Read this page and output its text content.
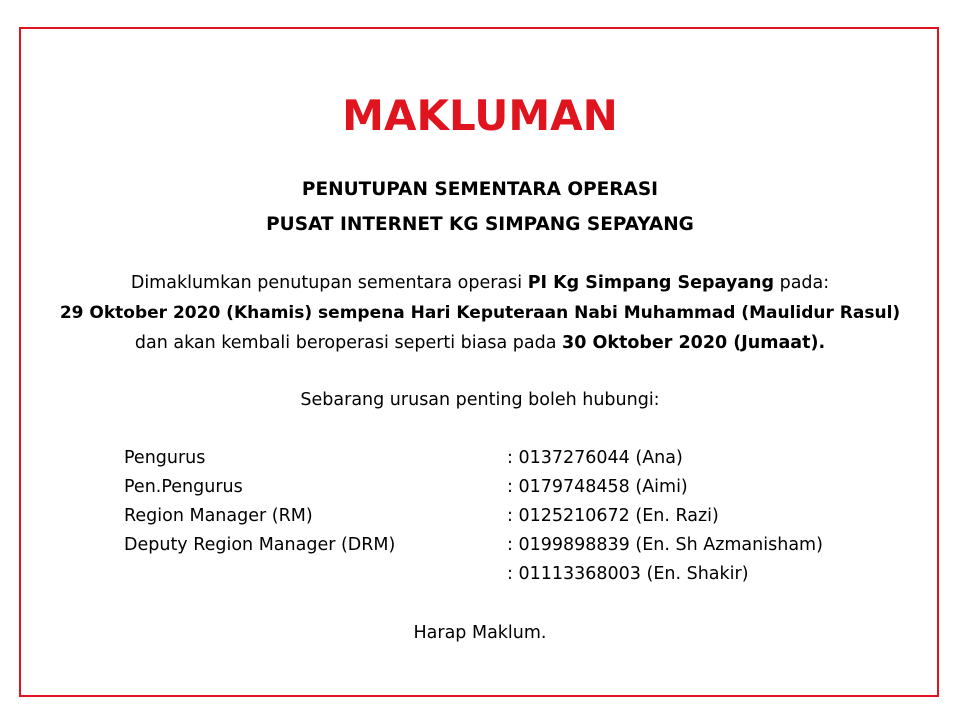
MAKLUMAN
PENUTUPAN SEMENTARA OPERASI
PUSAT INTERNET KG SIMPANG SEPAYANG
Dimaklumkan penutupan sementara operasi PI Kg Simpang Sepayang pada:
29 Oktober 2020 (Khamis) sempena Hari Keputeraan Nabi Muhammad (Maulidur Rasul)
dan akan kembali beroperasi seperti biasa pada 30 Oktober 2020 (Jumaat).
Sebarang urusan penting boleh hubungi:
Pengurus	: 0137276044 (Ana)
Pen.Pengurus	: 0179748458 (Aimi)
Region Manager (RM)	: 0125210672 (En. Razi)
Deputy Region Manager (DRM)	: 0199898839 (En. Sh Azmanisham)
: 01113368003 (En. Shakir)
Harap Maklum.
